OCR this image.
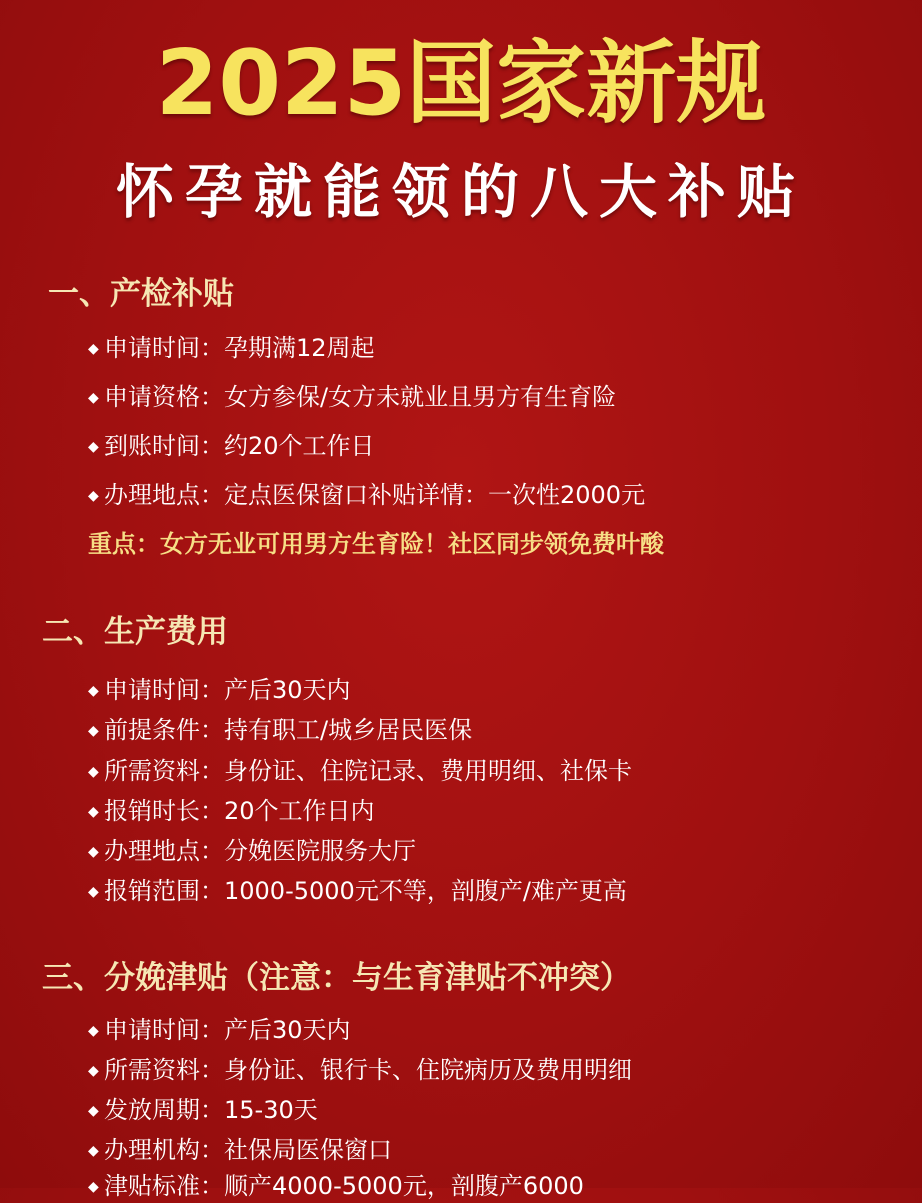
2025国家新规
怀孕就能领的八大补贴
一、产检补贴
◆ 申请时间：孕期满12周起
◆ 申请资格：女方参保/女方未就业且男方有生育险
◆ 到账时间：约20个工作日
◆ 办理地点：定点医保窗口补贴详情：一次性2000元
重点：女方无业可用男方生育险！社区同步领免费叶酸
二、生产费用
◆ 申请时间：产后30天内
◆ 前提条件：持有职工/城乡居民医保
◆ 所需资料：身份证、住院记录、费用明细、社保卡
◆ 报销时长：20个工作日内
◆ 办理地点：分娩医院服务大厅
◆ 报销范围：1000-5000元不等，剖腹产/难产更高
三、分娩津贴（注意：与生育津贴不冲突）
◆ 申请时间：产后30天内
◆ 所需资料：身份证、银行卡、住院病历及费用明细
◆ 发放周期：15-30天
◆ 办理机构：社保局医保窗口
◆ 津贴标准：顺产4000-5000元，剖腹产6000
